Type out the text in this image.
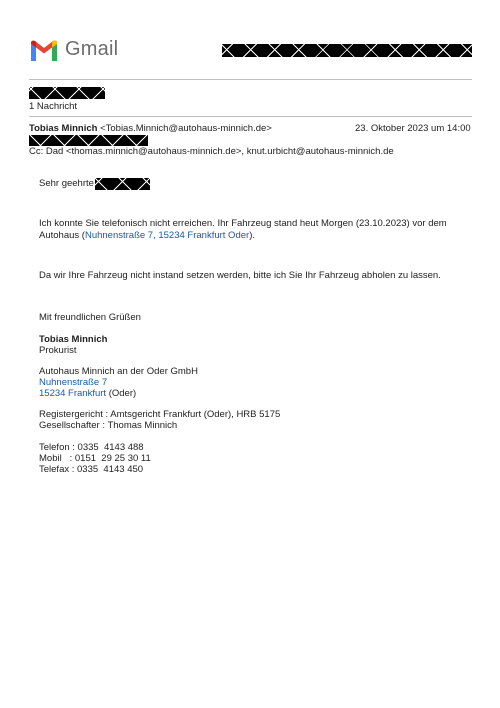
Gmail
1 Nachricht
Tobias Minnich <Tobias.Minnich@autohaus-minnich.de>	23. Oktober 2023 um 14:00
Cc: Dad <thomas.minnich@autohaus-minnich.de>, knut.urbicht@autohaus-minnich.de
Sehr geehrte
Ich konnte Sie telefonisch nicht erreichen. Ihr Fahrzeug stand heut Morgen (23.10.2023) vor dem
Autohaus (Nuhnenstraße 7, 15234 Frankfurt Oder).
Da wir Ihre Fahrzeug nicht instand setzen werden, bitte ich Sie Ihr Fahrzeug abholen zu lassen.
Mit freundlichen Grüßen
Tobias Minnich
Prokurist
Autohaus Minnich an der Oder GmbH
Nuhnenstraße 7
15234 Frankfurt (Oder)
Registergericht : Amtsgericht Frankfurt (Oder), HRB 5175
Gesellschafter : Thomas Minnich
Telefon : 0335  4143 488
Mobil   : 0151  29 25 30 11
Telefax : 0335  4143 450
